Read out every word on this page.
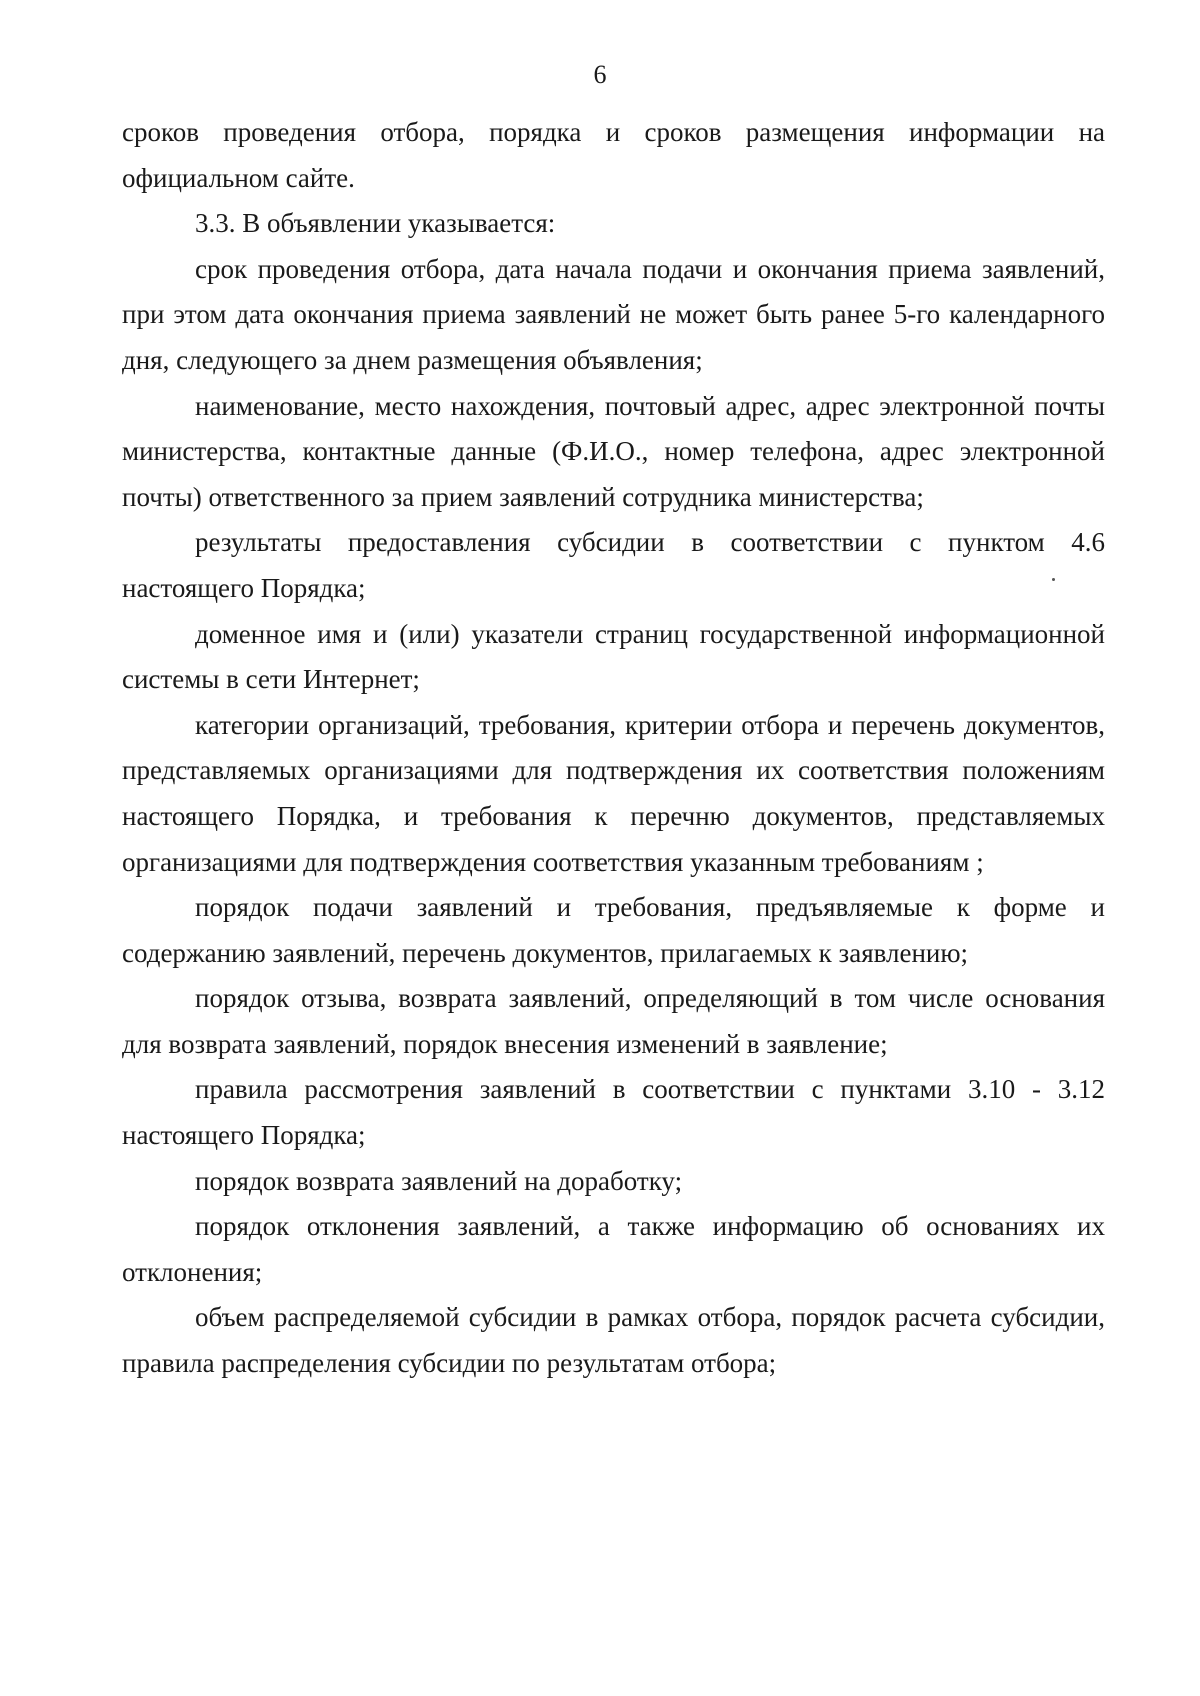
6

сроков проведения отбора, порядка и сроков размещения информации на официальном сайте.

3.3. В объявлении указывается:

срок проведения отбора, дата начала подачи и окончания приема заявлений, при этом дата окончания приема заявлений не может быть ранее 5-го календарного дня, следующего за днем размещения объявления;

наименование, место нахождения, почтовый адрес, адрес электронной почты министерства, контактные данные (Ф.И.О., номер телефона, адрес электронной почты) ответственного за прием заявлений сотрудника министерства;

результаты предоставления субсидии в соответствии с пунктом 4.6 настоящего Порядка;

доменное имя и (или) указатели страниц государственной информационной системы в сети Интернет;

категории организаций, требования, критерии отбора и перечень документов, представляемых организациями для подтверждения их соответствия положениям настоящего Порядка, и требования к перечню документов, представляемых организациями для подтверждения соответствия указанным требованиям ;

порядок подачи заявлений и требования, предъявляемые к форме и содержанию заявлений, перечень документов, прилагаемых к заявлению;

порядок отзыва, возврата заявлений, определяющий в том числе основания для возврата заявлений, порядок внесения изменений в заявление;

правила рассмотрения заявлений в соответствии с пунктами 3.10 - 3.12 настоящего Порядка;

порядок возврата заявлений на доработку;

порядок отклонения заявлений, а также информацию об основаниях их отклонения;

объем распределяемой субсидии в рамках отбора, порядок расчета субсидии, правила распределения субсидии по результатам отбора;
